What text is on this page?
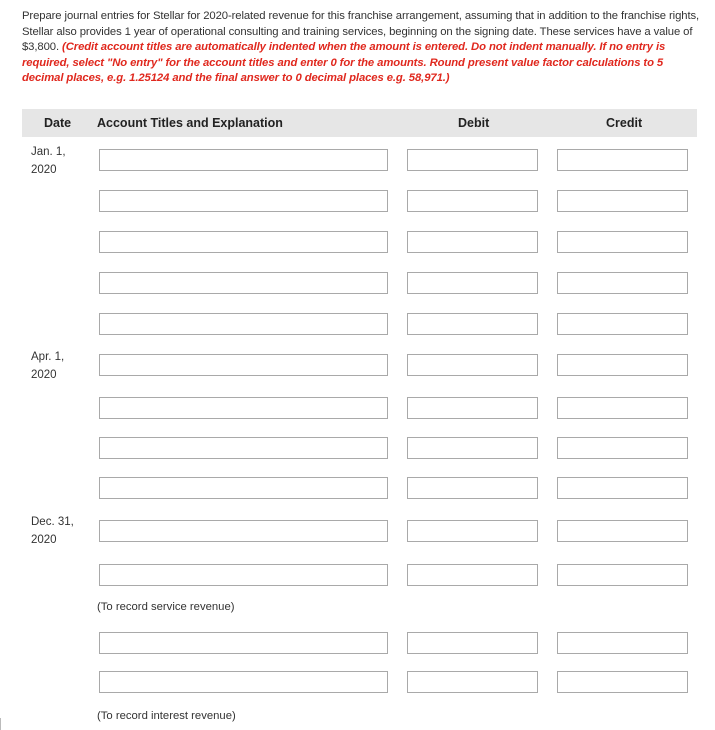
Prepare journal entries for Stellar for 2020-related revenue for this franchise arrangement, assuming that in addition to the franchise rights, Stellar also provides 1 year of operational consulting and training services, beginning on the signing date. These services have a value of $3,800. (Credit account titles are automatically indented when the amount is entered. Do not indent manually. If no entry is required, select "No entry" for the account titles and enter 0 for the amounts. Round present value factor calculations to 5 decimal places, e.g. 1.25124 and the final answer to 0 decimal places e.g. 58,971.)
Date Account Titles and Explanation	Debit	Credit
Jan. 1,
2020
Apr. 1,
2020
Dec. 31,
2020
(To record service revenue)
(To record interest revenue)
